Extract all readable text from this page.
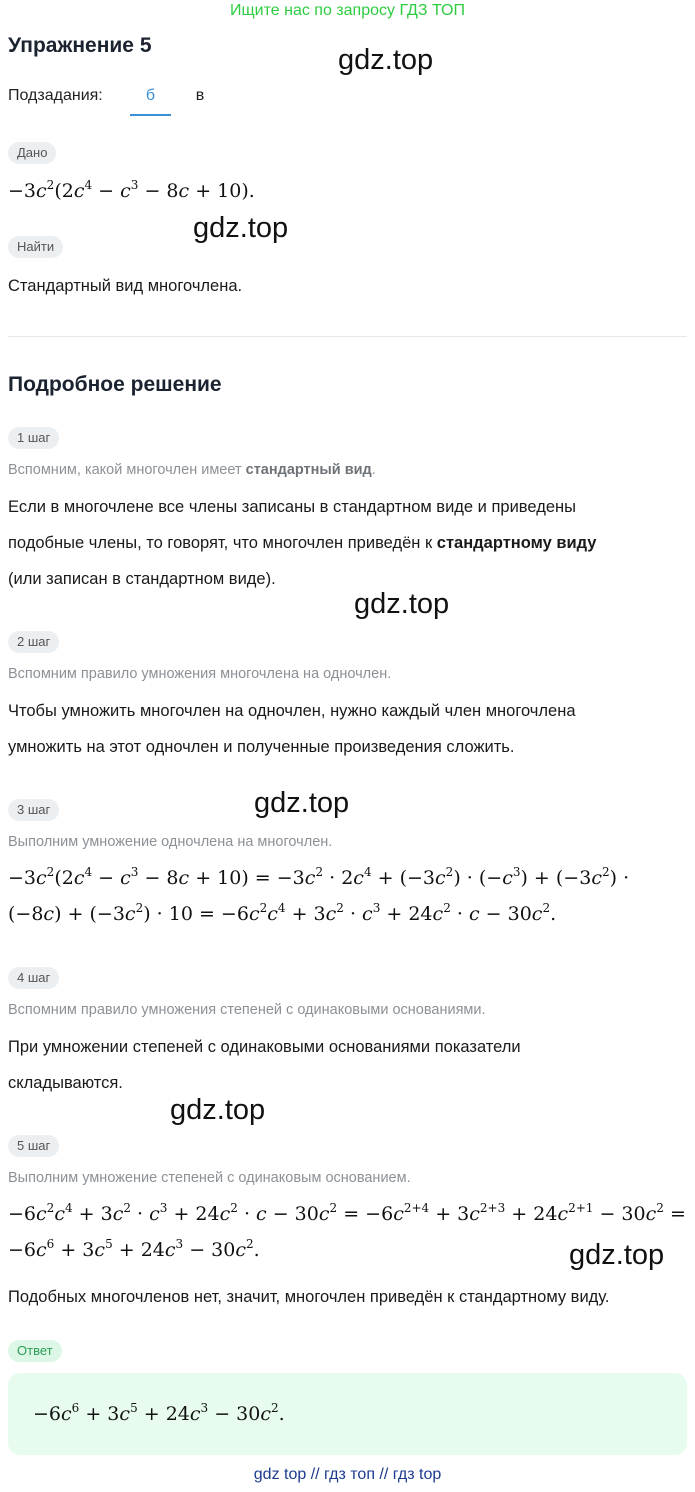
Ищите нас по запросу ГДЗ ТОП
Упражнение 5	gdz.top
gdz.top
gdz.top
gdz.top
gdz.top
gdz.top
Подзадания:	б	в
Дано
$-3c^2(2c^4 - c^3 - 8c + 10)$.
Найти
Стандартный вид многочлена.
Подробное решение
1 шаг
Вспомним, какой многочлен имеет стандартный вид.
Если в многочлене все члены записаны в стандартном виде и приведены
подобные члены, то говорят, что многочлен приведён к стандартному виду
(или записан в стандартном виде).
2 шаг
Вспомним правило умножения многочлена на одночлен.
Чтобы умножить многочлен на одночлен, нужно каждый член многочлена
умножить на этот одночлен и полученные произведения сложить.
3 шаг
Выполним умножение одночлена на многочлен.
$-3c^2(2c^4 - c^3 - 8c + 10) = -3c^2 \cdot 2c^4 + (-3c^2) \cdot (-c^3) + (-3c^2)$ ·
$(-8c) + (-3c^2) \cdot 10 = -6c^2c^4 + 3c^2 \cdot c^3 + 24c^2 \cdot c - 30c^2$.
4 шаг
Вспомним правило умножения степеней с одинаковыми основаниями.
При умножении степеней с одинаковыми основаниями показатели
складываются.
5 шаг
Выполним умножение степеней с одинаковым основанием.
$-6c^2c^4 + 3c^2 \cdot c^3 + 24c^2 \cdot c - 30c^2 = -6c^{2+4} + 3c^{2+3} + 24c^{2+1} - 30c^2$ =
$-6c^6 + 3c^5 + 24c^3 - 30c^2$.
Подобных многочленов нет, значит, многочлен приведён к стандартному виду.
Ответ
$-6c^6 + 3c^5 + 24c^3 - 30c^2$.
gdz top // гдз топ // гдз top
